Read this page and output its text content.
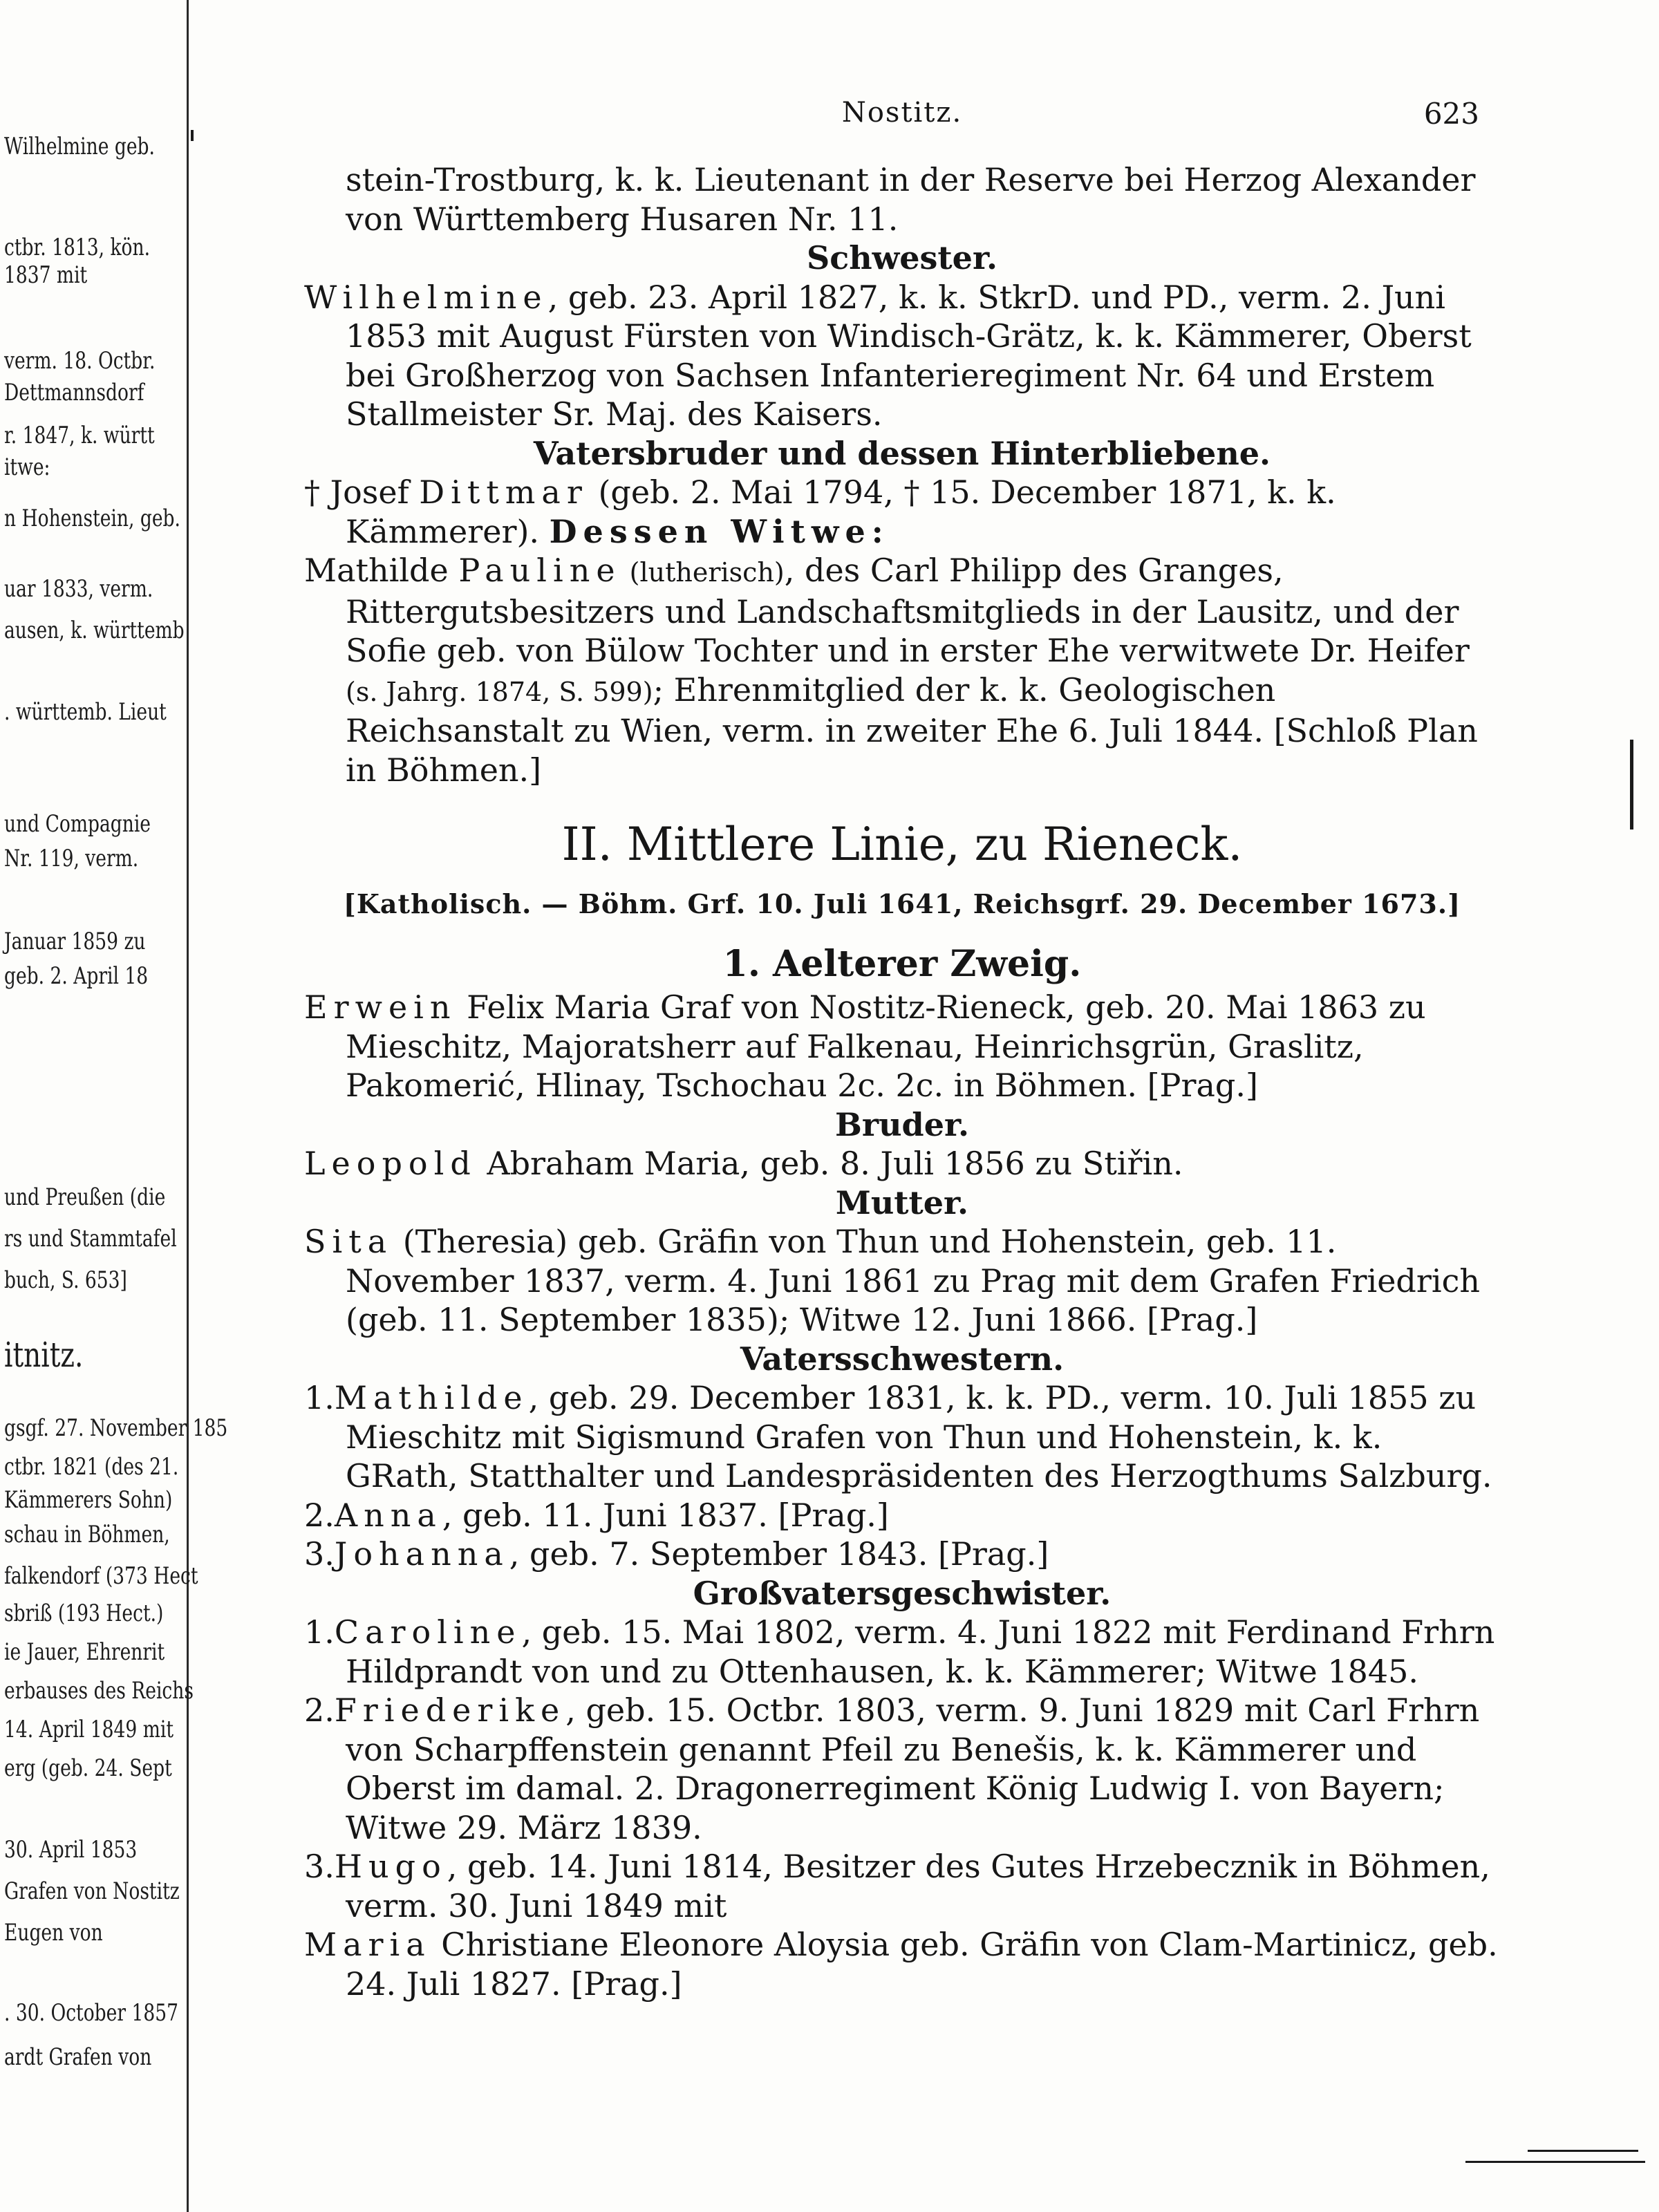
Wilhelmine geb.
ctbr. 1813, kön.
1837 mit
verm. 18. Octbr.
Dettmannsdorf
r. 1847, k. württ
itwe:
n Hohenstein, geb.
uar 1833, verm.
ausen, k. württemb
. württemb. Lieut
und Compagnie
Nr. 119, verm.
Januar 1859 zu
geb. 2. April 18
und Preußen (die
rs und Stammtafel
buch, S. 653]
itnitz.
gsgf. 27. November 185
ctbr. 1821 (des 21.
Kämmerers Sohn)
schau in Böhmen,
falkendorf (373 Hect
sbriß (193 Hect.)
ie Jauer, Ehrenrit
erbauses des Reichs
14. April 1849 mit
erg (geb. 24. Sept
30. April 1853
Grafen von Nostitz
Eugen von
. 30. October 1857
ardt Grafen von
Nostitz.	623

stein-Trostburg, k. k. Lieutenant in der Reserve bei Herzog Alexander

von Württemberg Husaren Nr. 11.

Schwester.

Wilhelmine, geb. 23. April 1827, k. k. StkrD. und PD., verm. 2. Juni 1853 mit August Fürsten von Windisch-Grätz, k. k. Kämmerer, Oberst bei Großherzog von Sachsen Infanterieregiment Nr. 64 und Erstem Stallmeister Sr. Maj. des Kaisers.

Vatersbruder und dessen Hinterbliebene.

† Josef Dittmar (geb. 2. Mai 1794, † 15. December 1871, k. k. Kämmerer). Dessen Witwe:

Mathilde Pauline (lutherisch), des Carl Philipp des Granges, Rittergutsbesitzers und Landschaftsmitglieds in der Lausitz, und der Sofie geb. von Bülow Tochter und in erster Ehe verwitwete Dr. Heifer (s. Jahrg. 1874, S. 599); Ehrenmitglied der k. k. Geologischen Reichsanstalt zu Wien, verm. in zweiter Ehe 6. Juli 1844. [Schloß Plan in Böhmen.]

II. Mittlere Linie, zu Rieneck.

[Katholisch. — Böhm. Grf. 10. Juli 1641, Reichsgrf. 29. December 1673.]

1. Aelterer Zweig.

Erwein Felix Maria Graf von Nostitz-Rieneck, geb. 20. Mai 1863 zu Mieschitz, Majoratsherr auf Falkenau, Heinrichsgrün, Graslitz, Pakomerić, Hlinay, Tschochau 2c. 2c. in Böhmen. [Prag.]

Bruder.

Leopold Abraham Maria, geb. 8. Juli 1856 zu Stiřin.

Mutter.

Sita (Theresia) geb. Gräfin von Thun und Hohenstein, geb. 11. November 1837, verm. 4. Juni 1861 zu Prag mit dem Grafen Friedrich (geb. 11. September 1835); Witwe 12. Juni 1866. [Prag.]

Vatersschwestern.

1.Mathilde, geb. 29. December 1831, k. k. PD., verm. 10. Juli 1855 zu Mieschitz mit Sigismund Grafen von Thun und Hohenstein, k. k. GRath, Statthalter und Landespräsidenten des Herzogthums Salzburg.

2.Anna, geb. 11. Juni 1837. [Prag.]

3.Johanna, geb. 7. September 1843. [Prag.]

Großvatersgeschwister.

1.Caroline, geb. 15. Mai 1802, verm. 4. Juni 1822 mit Ferdinand Frhrn Hildprandt von und zu Ottenhausen, k. k. Kämmerer; Witwe 1845.

2.Friederike, geb. 15. Octbr. 1803, verm. 9. Juni 1829 mit Carl Frhrn von Scharpffenstein genannt Pfeil zu Benešis, k. k. Kämmerer und Oberst im damal. 2. Dragonerregiment König Ludwig I. von Bayern; Witwe 29. März 1839.

3.Hugo, geb. 14. Juni 1814, Besitzer des Gutes Hrzebecznik in Böhmen, verm. 30. Juni 1849 mit

Maria Christiane Eleonore Aloysia geb. Gräfin von Clam-Martinicz, geb. 24. Juli 1827. [Prag.]
